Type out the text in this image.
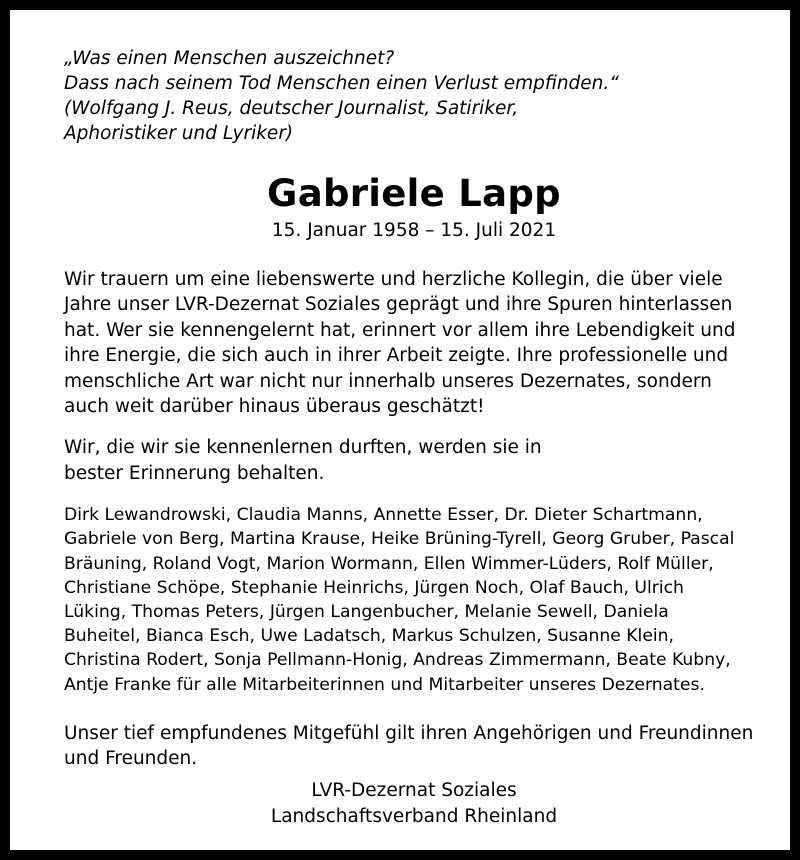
„Was einen Menschen auszeichnet?
Dass nach seinem Tod Menschen einen Verlust empfinden.“
(Wolfgang J. Reus, deutscher Journalist, Satiriker,
Aphoristiker und Lyriker)

Gabriele Lapp

15. Januar 1958 – 15. Juli 2021

Wir trauern um eine liebenswerte und herzliche Kollegin, die über viele
Jahre unser LVR-Dezernat Soziales geprägt und ihre Spuren hinterlassen
hat. Wer sie kennengelernt hat, erinnert vor allem ihre Lebendigkeit und
ihre Energie, die sich auch in ihrer Arbeit zeigte. Ihre professionelle und
menschliche Art war nicht nur innerhalb unseres Dezernates, sondern
auch weit darüber hinaus überaus geschätzt!

Wir, die wir sie kennenlernen durften, werden sie in
bester Erinnerung behalten.

Dirk Lewandrowski, Claudia Manns, Annette Esser, Dr. Dieter Schartmann,
Gabriele von Berg, Martina Krause, Heike Brüning-Tyrell, Georg Gruber, Pascal
Bräuning, Roland Vogt, Marion Wormann, Ellen Wimmer-Lüders, Rolf Müller,
Christiane Schöpe, Stephanie Heinrichs, Jürgen Noch, Olaf Bauch, Ulrich
Lüking, Thomas Peters, Jürgen Langenbucher, Melanie Sewell, Daniela
Buheitel, Bianca Esch, Uwe Ladatsch, Markus Schulzen, Susanne Klein,
Christina Rodert, Sonja Pellmann-Honig, Andreas Zimmermann, Beate Kubny,
Antje Franke für alle Mitarbeiterinnen und Mitarbeiter unseres Dezernates.

Unser tief empfundenes Mitgefühl gilt ihren Angehörigen und Freundinnen
und Freunden.

LVR-Dezernat Soziales
Landschaftsverband Rheinland
